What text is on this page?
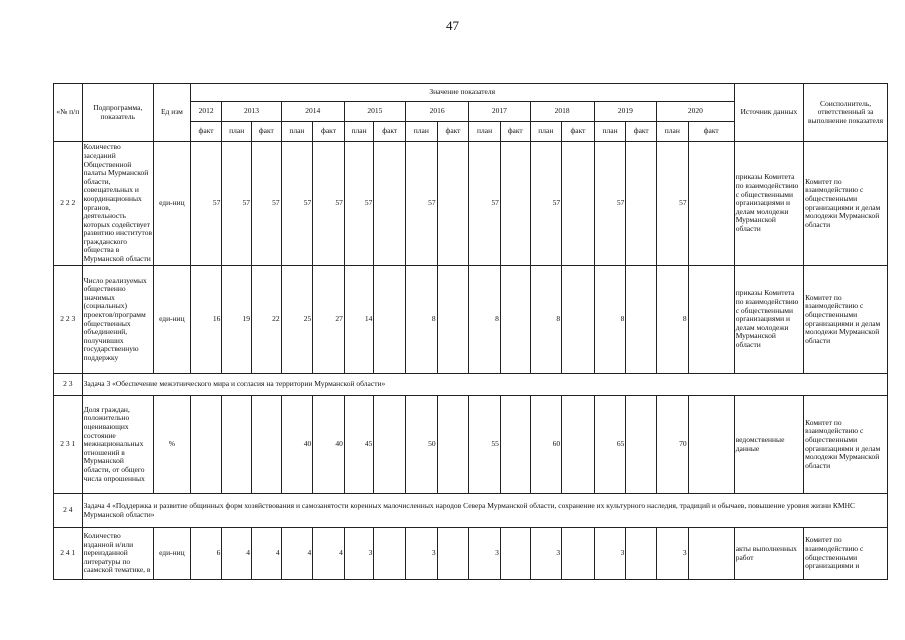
47
«№ п/п	Подпрограмма, показатель	Ед изм	Значение показателя																	Источник данных	Соисполнитель, ответственный за выполнение показателя
			2012	2013		2014		2015		2016		2017		2018		2019		2020			
			факт	план	факт	план	факт	план	факт	план	факт	план	факт	план	факт	план	факт	план	факт		
2 2 2	Количество заседаний Общественной палаты Мурманской области, совещательных и координационных органов, деятельность которых содействует развитию институтов гражданского общества в Мурманской области	еди-ниц	57	57	57	57	57	57		57		57		57		57		57		приказы Комитета по взаимодействию с общественными организациями и делам молодежи Мурманской области	Комитет по взаимодействию с общественными организациями и делам молодежи Мурманской области
2 2 3	Число реализуемых общественно значимых (социальных) проектов/программ общественных объединений, получивших государственную поддержку	еди-ниц	16	19	22	25	27	14		8		8		8		8		8		приказы Комитета по взаимодействию с общественными организациями и делам молодежи Мурманской области	Комитет по взаимодействию с общественными организациями и делам молодежи Мурманской области
2 3	Задача 3 «Обеспечение межэтнического мира и согласия на территории Мурманской области»																				
2 3 1	Доля граждан, положительно оценивающих состояние межнациональных отношений в Мурманской области, от общего числа опрошенных	%				40	40	45		50		55		60		65		70		ведомственные данные	Комитет по взаимодействию с общественными организациями и делам молодежи Мурманской области
2 4	Задача 4 «Поддержка и развитие общинных форм хозяйствования и самозанятости коренных малочисленных народов Севера Мурманской области, сохранение их культурного наследия, традиций и обычаев, повышение уровня жизни КМНС Мурманской области»																				
2 4 1	Количество изданной и/или переизданной литературы по саамской тематике, в	еди-ниц	6	4	4	4	4	3		3		3		3		3		3		акты выполненных работ	Комитет по взаимодействию с общественными организациями и
